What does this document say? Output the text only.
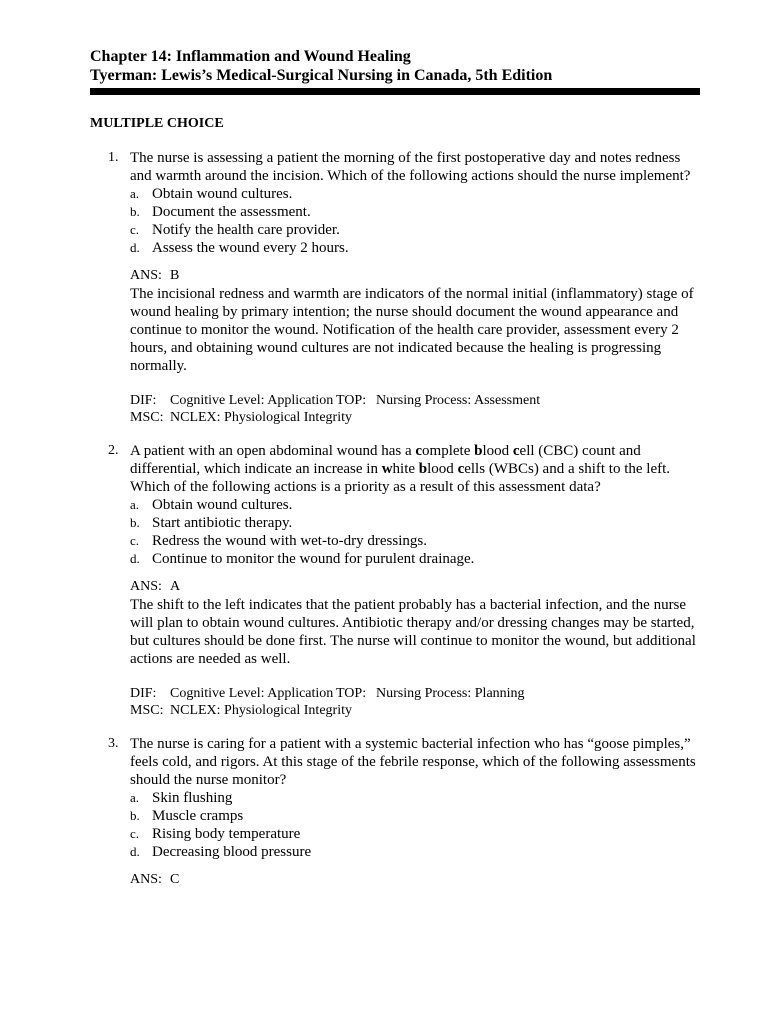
Chapter 14: Inflammation and Wound Healing
Tyerman: Lewis’s Medical-Surgical Nursing in Canada, 5th Edition
MULTIPLE CHOICE
1. The nurse is assessing a patient the morning of the first postoperative day and notes redness and warmth around the incision. Which of the following actions should the nurse implement?
a. Obtain wound cultures.
b. Document the assessment.
c. Notify the health care provider.
d. Assess the wound every 2 hours.
ANS: B
The incisional redness and warmth are indicators of the normal initial (inflammatory) stage of wound healing by primary intention; the nurse should document the wound appearance and continue to monitor the wound. Notification of the health care provider, assessment every 2 hours, and obtaining wound cultures are not indicated because the healing is progressing normally.
DIF: Cognitive Level: Application TOP: Nursing Process: Assessment
MSC: NCLEX: Physiological Integrity
2. A patient with an open abdominal wound has a complete blood cell (CBC) count and differential, which indicate an increase in white blood cells (WBCs) and a shift to the left. Which of the following actions is a priority as a result of this assessment data?
a. Obtain wound cultures.
b. Start antibiotic therapy.
c. Redress the wound with wet-to-dry dressings.
d. Continue to monitor the wound for purulent drainage.
ANS: A
The shift to the left indicates that the patient probably has a bacterial infection, and the nurse will plan to obtain wound cultures. Antibiotic therapy and/or dressing changes may be started, but cultures should be done first. The nurse will continue to monitor the wound, but additional actions are needed as well.
DIF: Cognitive Level: Application TOP: Nursing Process: Planning
MSC: NCLEX: Physiological Integrity
3. The nurse is caring for a patient with a systemic bacterial infection who has “goose pimples,” feels cold, and rigors. At this stage of the febrile response, which of the following assessments should the nurse monitor?
a. Skin flushing
b. Muscle cramps
c. Rising body temperature
d. Decreasing blood pressure
ANS: C
